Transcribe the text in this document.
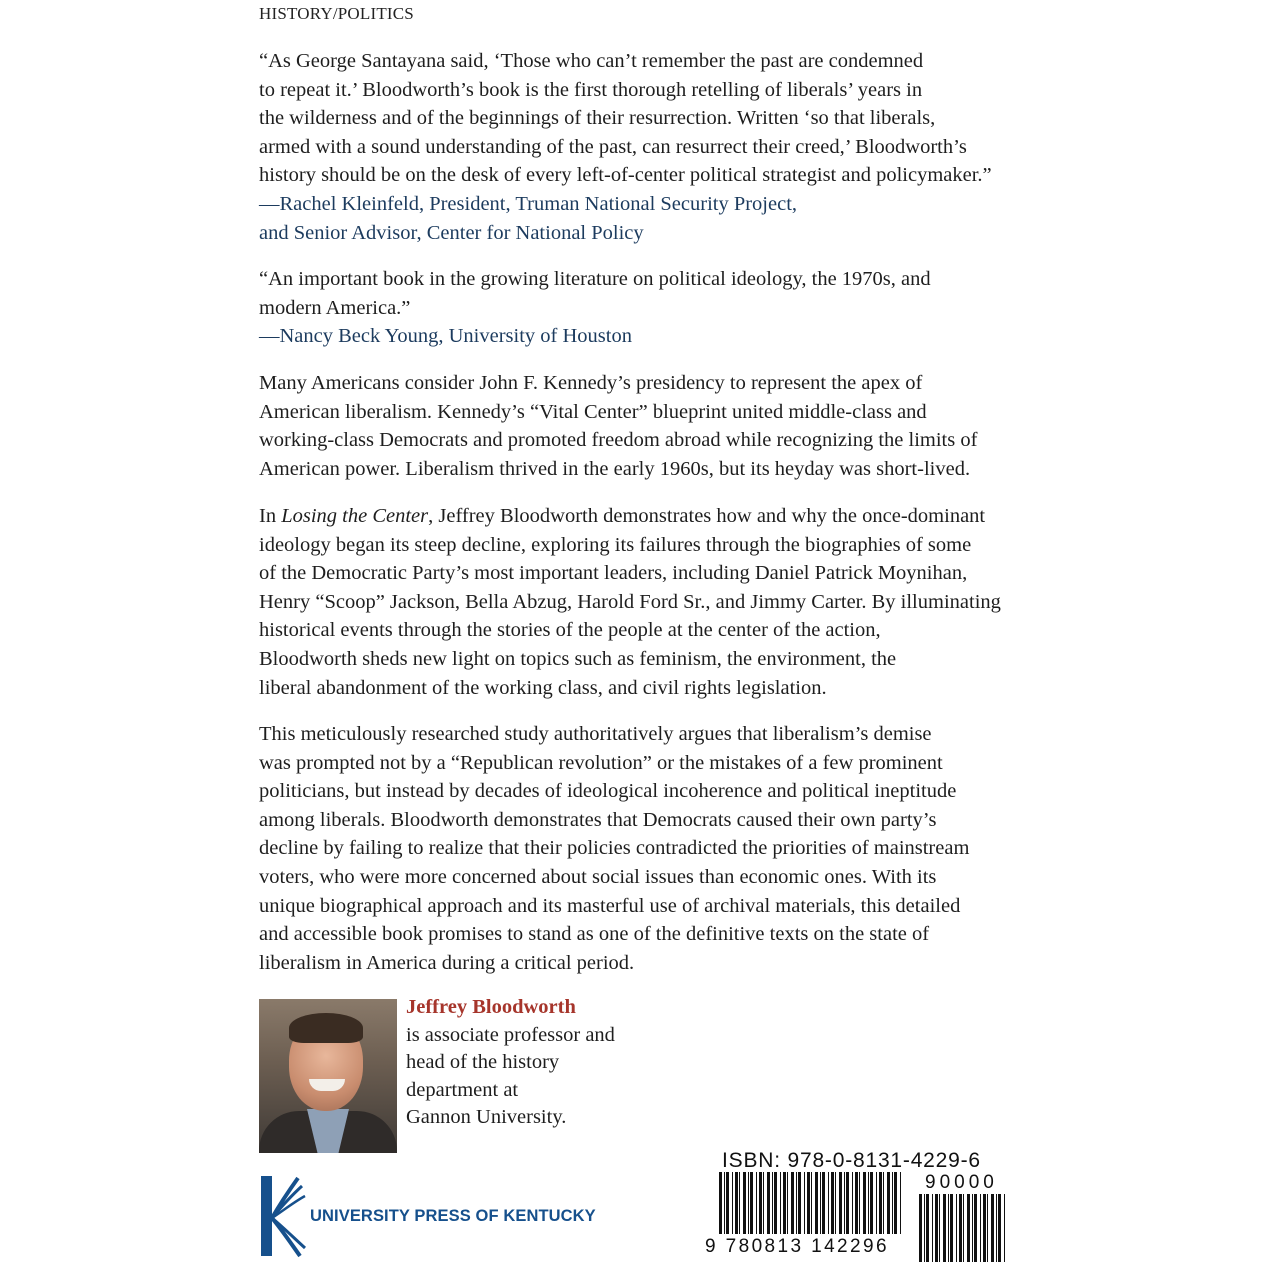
HISTORY/POLITICS

“As George Santayana said, ‘Those who can’t remember the past are condemned
to repeat it.’ Bloodworth’s book is the first thorough retelling of liberals’ years in
the wilderness and of the beginnings of their resurrection. Written ‘so that liberals,
armed with a sound understanding of the past, can resurrect their creed,’ Bloodworth’s
history should be on the desk of every left-of-center political strategist and policymaker.”

—Rachel Kleinfeld, President, Truman National Security Project,
and Senior Advisor, Center for National Policy

“An important book in the growing literature on political ideology, the 1970s, and
modern America.”

—Nancy Beck Young, University of Houston

Many Americans consider John F. Kennedy’s presidency to represent the apex of
American liberalism. Kennedy’s “Vital Center” blueprint united middle-class and
working-class Democrats and promoted freedom abroad while recognizing the limits of
American power. Liberalism thrived in the early 1960s, but its heyday was short-lived.
In Losing the Center, Jeffrey Bloodworth demonstrates how and why the once-dominant
ideology began its steep decline, exploring its failures through the biographies of some
of the Democratic Party’s most important leaders, including Daniel Patrick Moynihan,
Henry “Scoop” Jackson, Bella Abzug, Harold Ford Sr., and Jimmy Carter. By illuminating
historical events through the stories of the people at the center of the action,
Bloodworth sheds new light on topics such as feminism, the environment, the
liberal abandonment of the working class, and civil rights legislation.
This meticulously researched study authoritatively argues that liberalism’s demise
was prompted not by a “Republican revolution” or the mistakes of a few prominent
politicians, but instead by decades of ideological incoherence and political ineptitude
among liberals. Bloodworth demonstrates that Democrats caused their own party’s
decline by failing to realize that their policies contradicted the priorities of mainstream
voters, who were more concerned about social issues than economic ones. With its
unique biographical approach and its masterful use of archival materials, this detailed
and accessible book promises to stand as one of the definitive texts on the state of
liberalism in America during a critical period.
Jeffrey Bloodworth
is associate professor and
head of the history
department at
Gannon University.
UNIVERSITY PRESS OF KENTUCKY
ISBN: 978-0-8131-4229-6
9 780813 142296
90000
